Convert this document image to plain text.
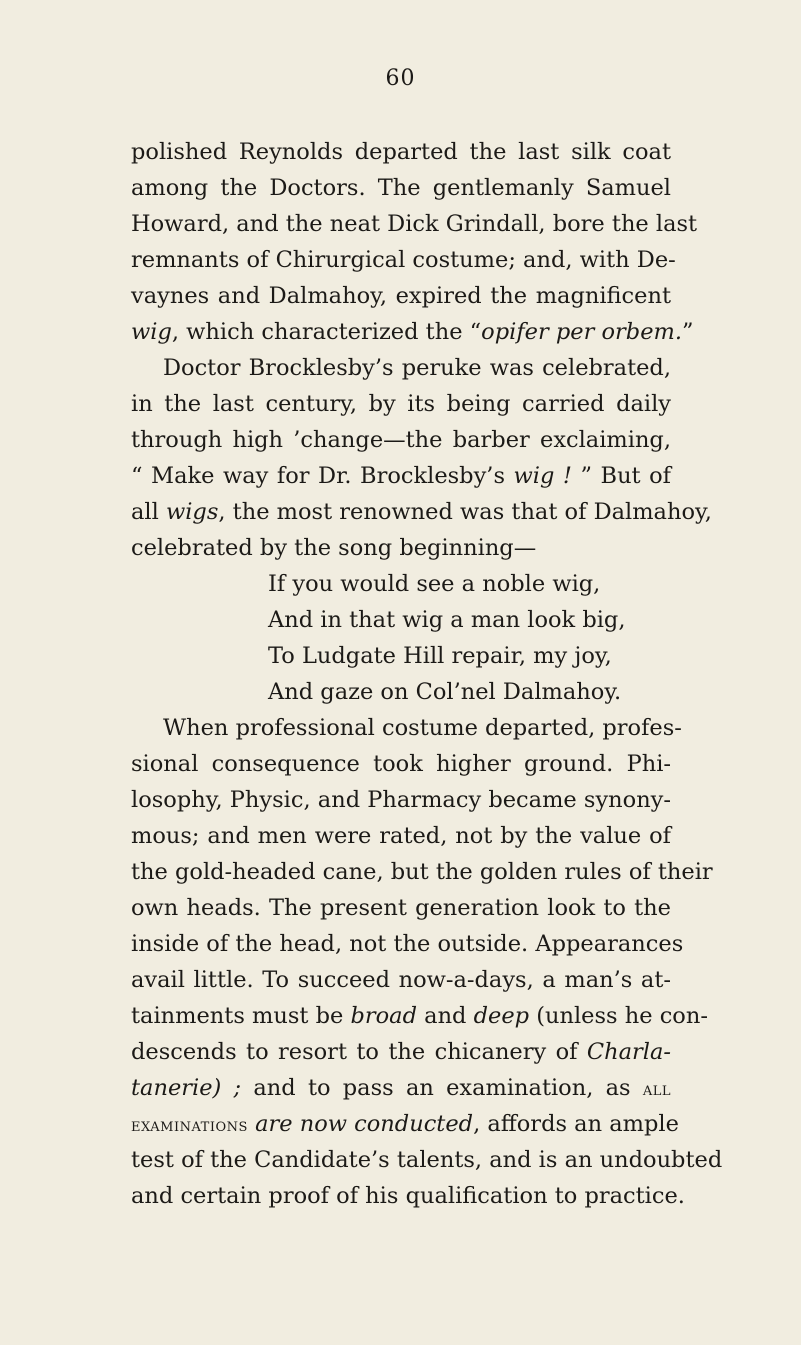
60
polished Reynolds departed the last silk coat
among the Doctors. The gentlemanly Samuel
Howard, and the neat Dick Grindall, bore the last
remnants of Chirurgical costume; and, with De-
vaynes and Dalmahoy, expired the magnificent
wig, which characterized the “opifer per orbem.”
Doctor Brocklesby’s peruke was celebrated,
in the last century, by its being carried daily
through high ’change—the barber exclaiming,
“ Make way for Dr. Brocklesby’s wig ! ” But of
all wigs, the most renowned was that of Dalmahoy,
celebrated by the song beginning—
If you would see a noble wig,
And in that wig a man look big,
To Ludgate Hill repair, my joy,
And gaze on Col’nel Dalmahoy.
When professional costume departed, profes-
sional consequence took higher ground. Phi-
losophy, Physic, and Pharmacy became synony-
mous; and men were rated, not by the value of
the gold-headed cane, but the golden rules of their
own heads. The present generation look to the
inside of the head, not the outside. Appearances
avail little. To succeed now-a-days, a man’s at-
tainments must be broad and deep (unless he con-
descends to resort to the chicanery of Charla-
tanerie) ; and to pass an examination, as all
examinations are now conducted, affords an ample
test of the Candidate’s talents, and is an undoubted
and certain proof of his qualification to practice.
